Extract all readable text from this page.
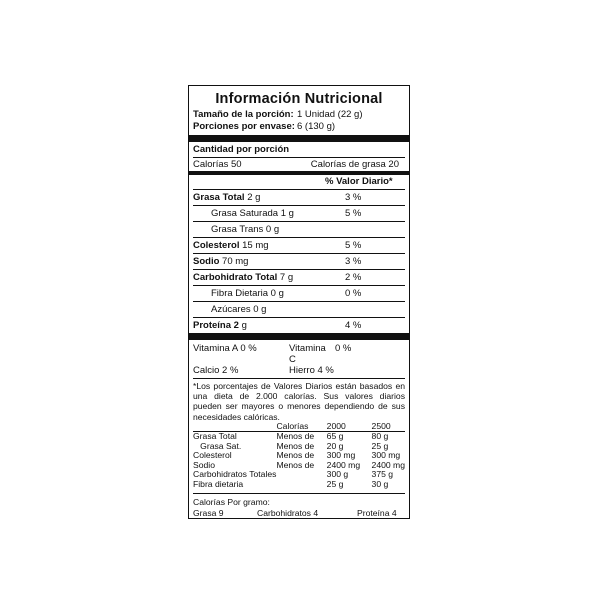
Información Nutricional
Tamaño de la porción: 1 Unidad (22 g)
Porciones por envase: 6 (130 g)
Cantidad por porción
Calorías 50	Calorías de grasa 20
% Valor Diario*
Grasa Total 2 g	3 %
Grasa Saturada 1 g	5 %
Grasa Trans 0 g
Colesterol 15 mg	5 %
Sodio 70 mg	3 %
Carbohidrato Total 7 g	2 %
Fibra Dietaria 0 g	0 %
Azúcares 0 g
Proteína 2 g	4 %
Vitamina A 0 %	Vitamina C
0 %
Calcio 2 %	Hierro 4 %
*Los porcentajes de Valores Diarios están basados en una dieta de 2.000 calorías. Sus valores diarios pueden ser mayores o menores dependiendo de sus necesidades calóricas.
	Calorías	2000	2500
Grasa Total	Menos de	65 g	80 g
Grasa Sat.	Menos de	20 g	25 g
Colesterol	Menos de	300 mg	300 mg
Sodio	Menos de	2400 mg	2400 mg
Carbohidratos Totales		300 g	375 g
Fibra dietaria		25 g	30 g
Calorías Por gramo:
Grasa 9	Carbohidratos 4	Proteína 4
